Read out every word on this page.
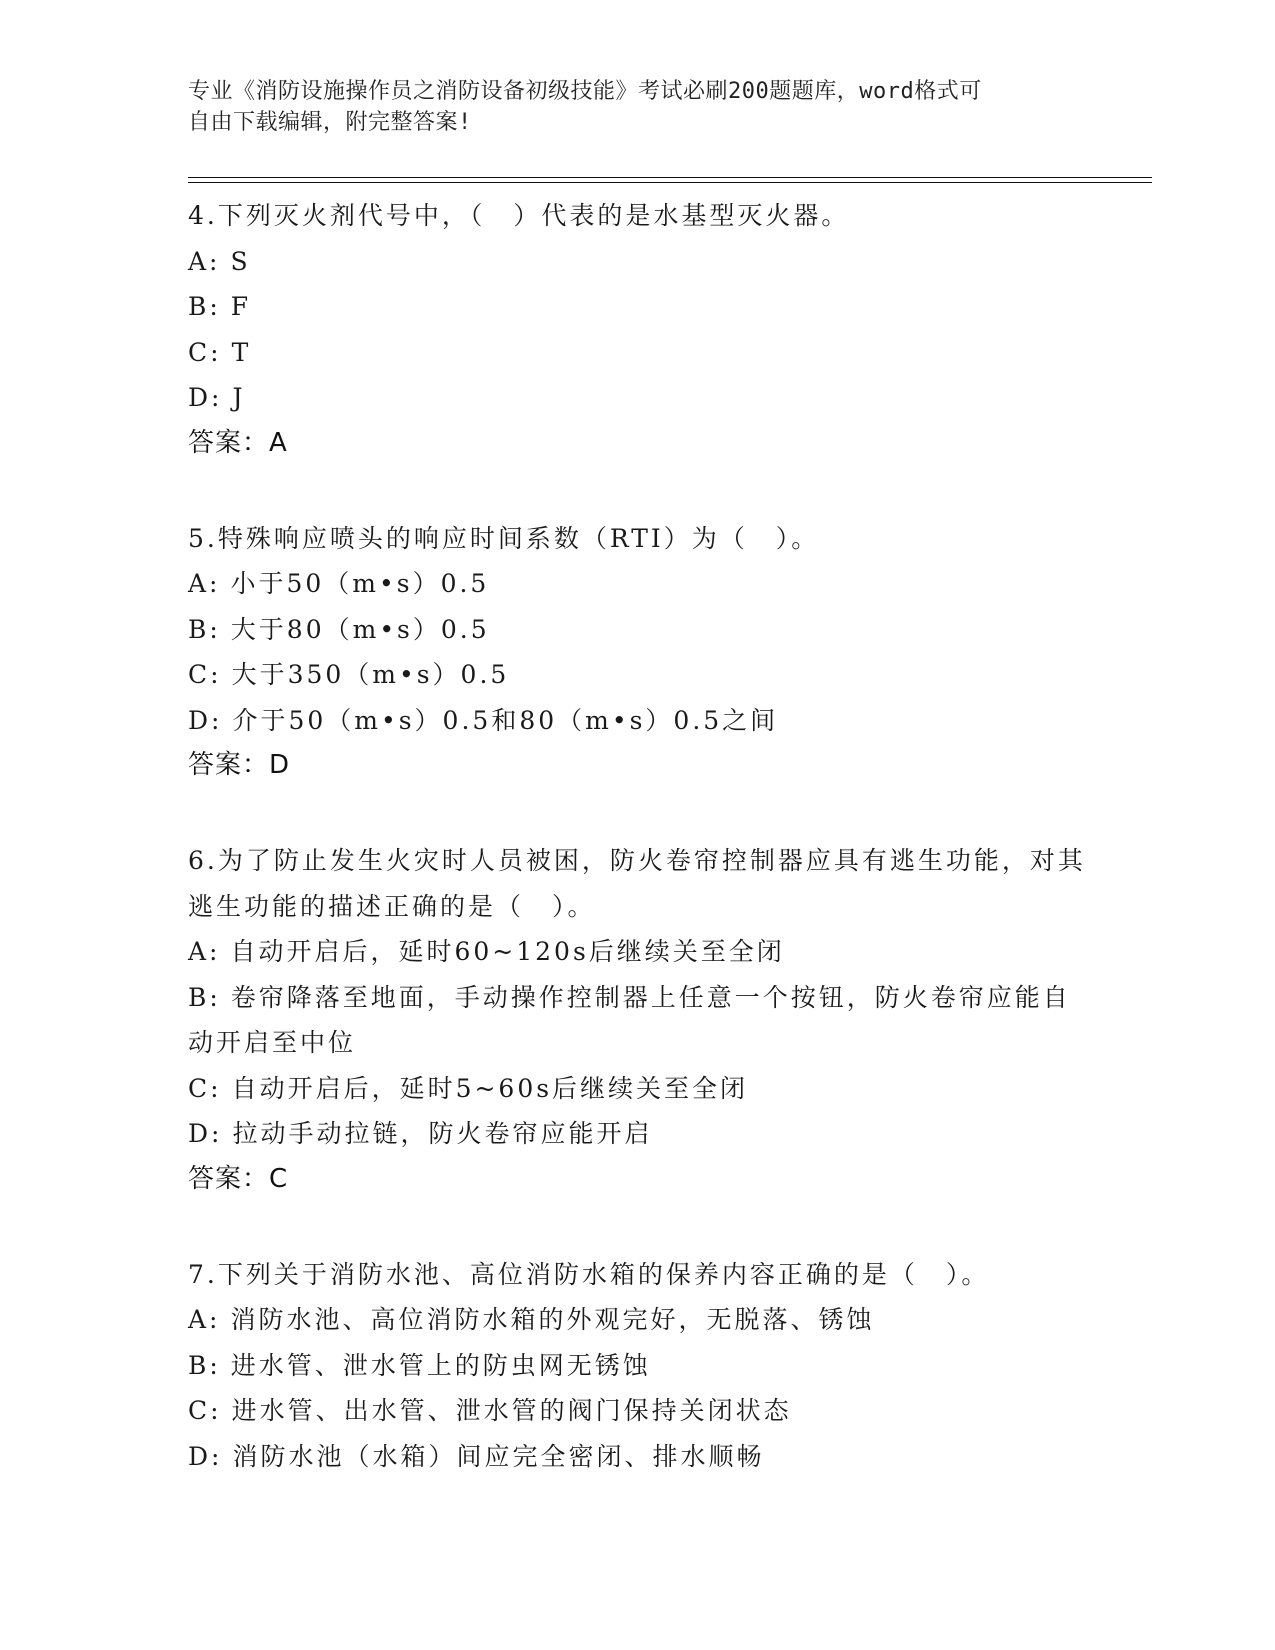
专业《消防设施操作员之消防设备初级技能》考试必刷200题题库，word格式可
自由下载编辑，附完整答案!
4.下列灭火剂代号中，（　）代表的是水基型灭火器。
A: S
B: F
C: T
D: J
答案：A
5.特殊响应喷头的响应时间系数（RTI）为（　）。
A: 小于50（m•s）0.5
B: 大于80（m•s）0.5
C: 大于350（m•s）0.5
D: 介于50（m•s）0.5和80（m•s）0.5之间
答案：D
6.为了防止发生火灾时人员被困，防火卷帘控制器应具有逃生功能，对其逃生功能的描述正确的是（　）。
A: 自动开启后，延时60~120s后继续关至全闭
B: 卷帘降落至地面，手动操作控制器上任意一个按钮，防火卷帘应能自动开启至中位
C: 自动开启后，延时5~60s后继续关至全闭
D: 拉动手动拉链，防火卷帘应能开启
答案：C
7.下列关于消防水池、高位消防水箱的保养内容正确的是（　）。
A: 消防水池、高位消防水箱的外观完好，无脱落、锈蚀
B: 进水管、泄水管上的防虫网无锈蚀
C: 进水管、出水管、泄水管的阀门保持关闭状态
D: 消防水池（水箱）间应完全密闭、排水顺畅
